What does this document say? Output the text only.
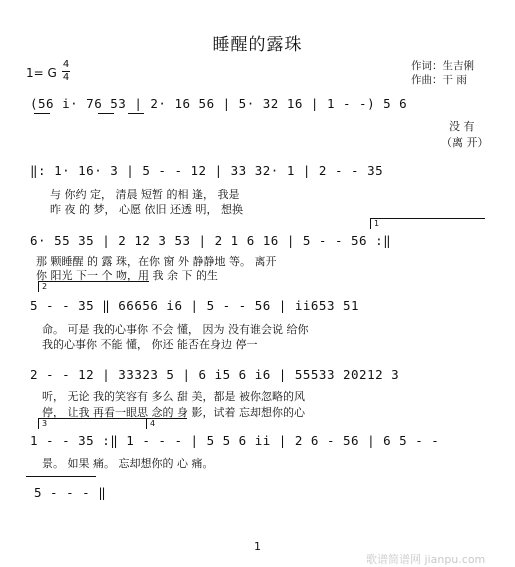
睡醒的露珠
作词：生吉俐
作曲：干 雨
1= G
4
4
(56 i· 76 53 | 2· 16 56 | 5· 32 16 | 1 - -) 5 6
没 有
（离 开）
‖: 1· 16· 3 | 5 - - 12 | 33 32· 1 | 2 - - 35
与 你约 定， 清晨 短暂 的相 逢， 我是
昨 夜 的 梦， 心愿 依旧 还透 明， 想换
1
6· 55 35 | 2 12 3 53 | 2 1 6 16 | 5 - - 56 :‖
那 颗睡醒 的 露 珠，在你 窗 外 静静地 等。 离开
你 阳光 下一 个 吻，用 我 余 下 的生
2
5 - - 35 ‖ 66656 i6 | 5 - - 56 | ii653 51
命。 可是 我的心事你 不会 懂， 因为 没有谁会说 给你
我的心事你 不能 懂， 你还 能否在身边 停一
2 - - 12 | 33323 5 | 6 i5 6 i6 | 55533 20212 3
听， 无论 我的笑容有 多么 甜 美，都是 被你忽略的风
停， 让我 再看一眼思 念的 身 影，试着 忘却想你的心
3	4
1 - - 35 :‖ 1 - - - | 5 5 6 ii | 2 6 - 56 | 6 5 - -
景。 如果 痛。 忘却想你的 心 痛。
5 - - - ‖
1
歌谱简谱网 jianpu.com
